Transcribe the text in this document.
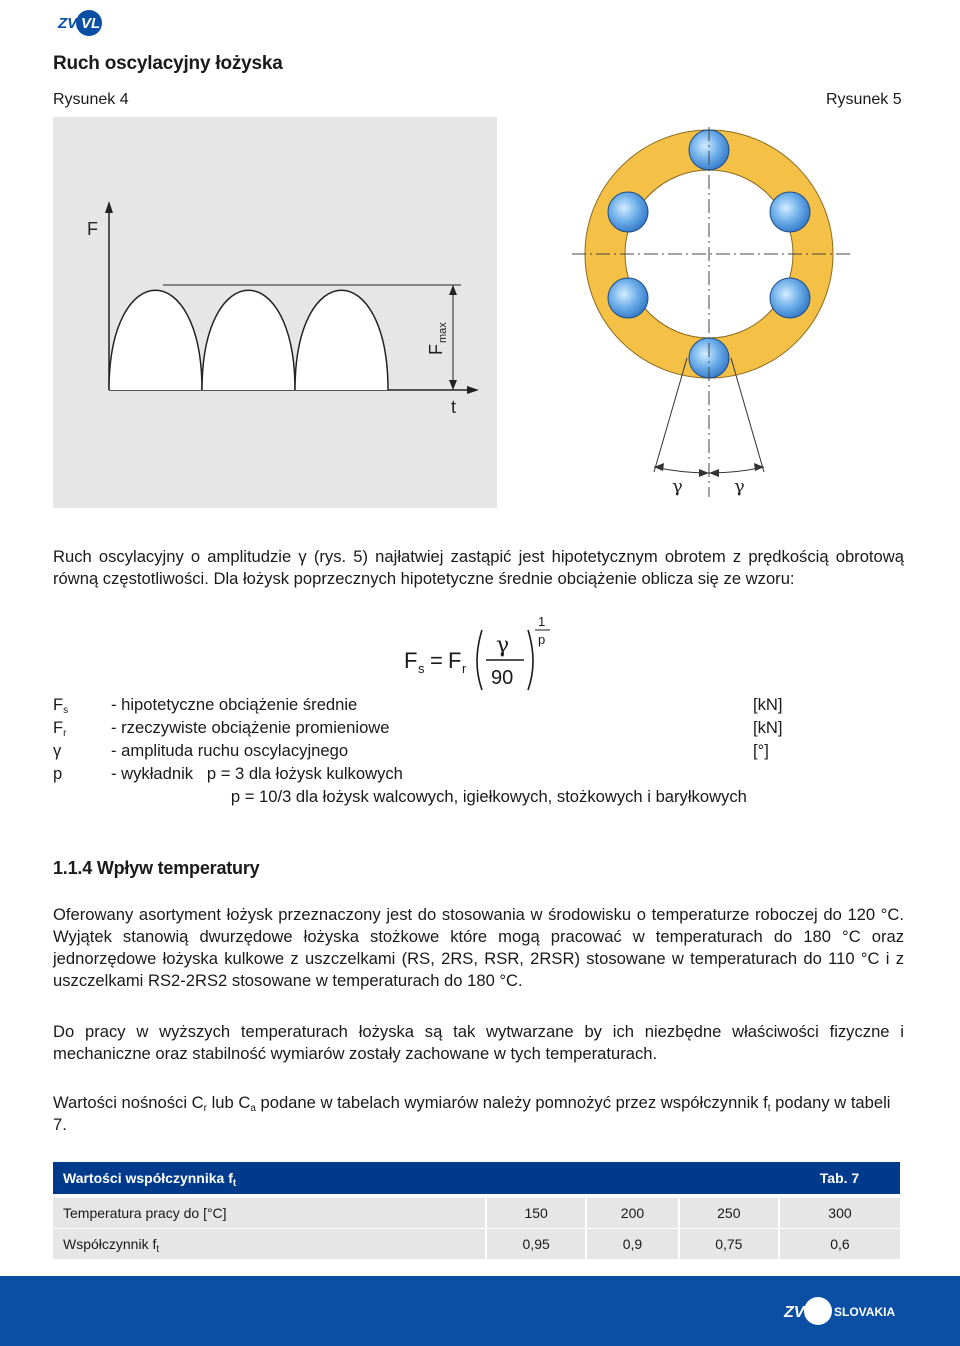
ZVL
VL
Ruch oscylacyjny łożyska
Rysunek 4	Rysunek 5
F
F
max
t
γ	γ

Ruch oscylacyjny o amplitudzie γ (rys. 5) najłatwiej zastąpić jest hipotetycznym obrotem z prędkością obrotową równą częstotliwości. Dla łożysk poprzecznych hipotetyczne średnie obciążenie oblicza się ze wzoru:

F s = F r
γ
90
1
p
$F_s$	- hipotetyczne obciążenie średnie	[kN]
$F_r$	- rzeczywiste obciążenie promieniowe	[kN]
γ	- amplituda ruchu oscylacyjnego	[°]
p	- wykładnik   p = 3 dla łożysk kulkowych
p = 10/3 dla łożysk walcowych, igiełkowych, stożkowych i baryłkowych
1.1.4 Wpływ temperatury

Oferowany asortyment łożysk przeznaczony jest do stosowania w środowisku o temperaturze roboczej do 120 °C. Wyjątek stanowią dwurzędowe łożyska stożkowe które mogą pracować w temperaturach do 180 °C oraz jednorzędowe łożyska kulkowe z uszczelkami (RS, 2RS, RSR, 2RSR) stosowane w temperaturach do 110 °C i z uszczelkami RS2-2RS2 stosowane w temperaturach do 180 °C.

Do pracy w wyższych temperaturach łożyska są tak wytwarzane by ich niezbędne właściwości fizyczne i mechaniczne oraz stabilność wymiarów zostały zachowane w tych temperaturach.

Wartości nośności $C_r$ lub $C_a$ podane w tabelach wymiarów należy pomnożyć przez współczynnik $f_t$ podany w tabeli 7.

Wartości współczynnika $f_t$				Tab. 7

Temperatura pracy do [°C]	150	200	250	300
Współczynnik $f_t$	0,95	0,9	0,75	0,6
ZVL SLOVAKIA
